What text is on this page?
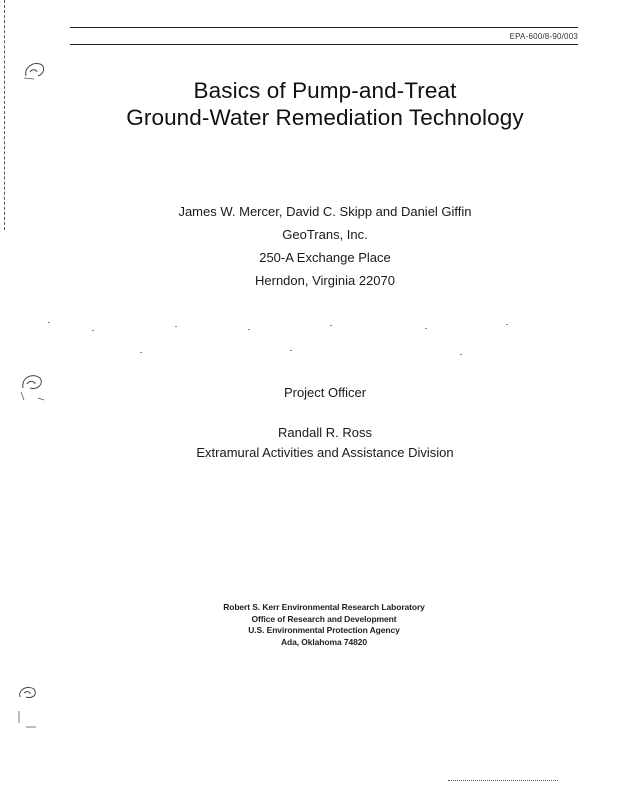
EPA-600/8-90/003
Basics of Pump-and-Treat
Ground-Water Remediation Technology
James W. Mercer, David C. Skipp and Daniel Giffin
GeoTrans, Inc.
250-A Exchange Place
Herndon, Virginia 22070
Project Officer
Randall R. Ross
Extramural Activities and Assistance Division
Robert S. Kerr Environmental Research Laboratory
Office of Research and Development
U.S. Environmental Protection Agency
Ada, Oklahoma 74820
